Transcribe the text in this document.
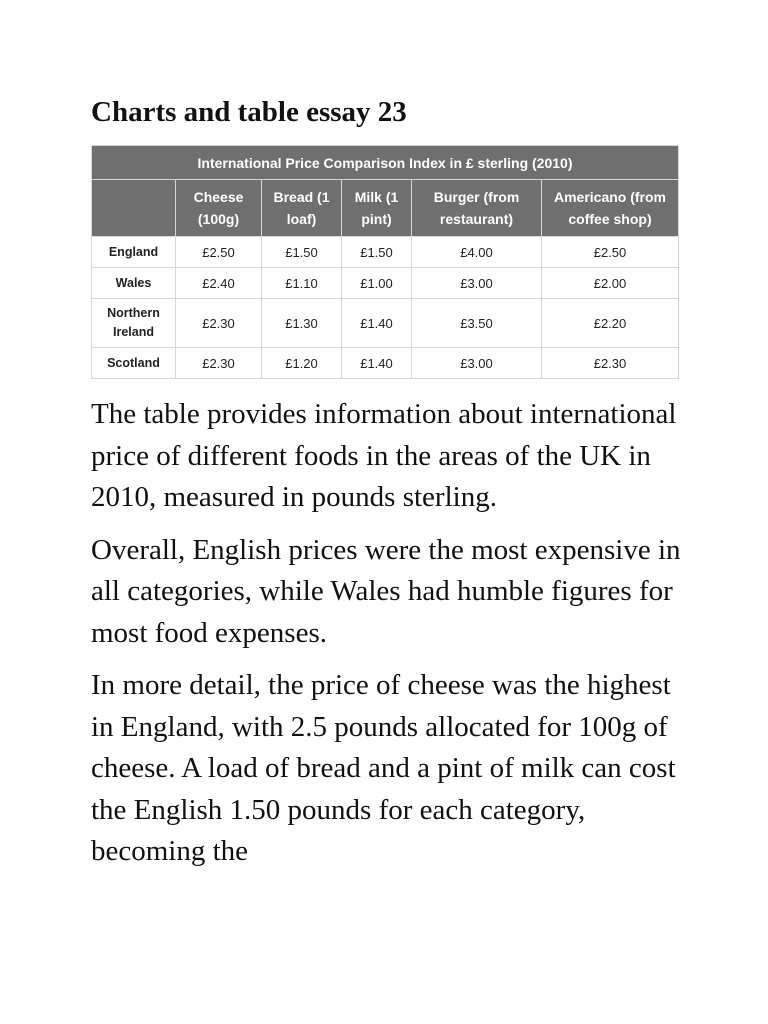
Charts and table essay 23
International Price Comparison Index in £ sterling (2010)					
	Cheese (100g)	Bread (1 loaf)	Milk (1 pint)	Burger (from restaurant)	Americano (from coffee shop)
England	£2.50	£1.50	£1.50	£4.00	£2.50
Wales	£2.40	£1.10	£1.00	£3.00	£2.00
Northern Ireland	£2.30	£1.30	£1.40	£3.50	£2.20
Scotland	£2.30	£1.20	£1.40	£3.00	£2.30

The table provides information about international price of different foods in the areas of the UK in 2010, measured in pounds sterling.

Overall, English prices were the most expensive in all categories, while Wales had humble figures for most food expenses.

In more detail, the price of cheese was the highest in England, with 2.5 pounds allocated for 100g of cheese. A load of bread and a pint of milk can cost the English 1.50 pounds for each category, becoming the
